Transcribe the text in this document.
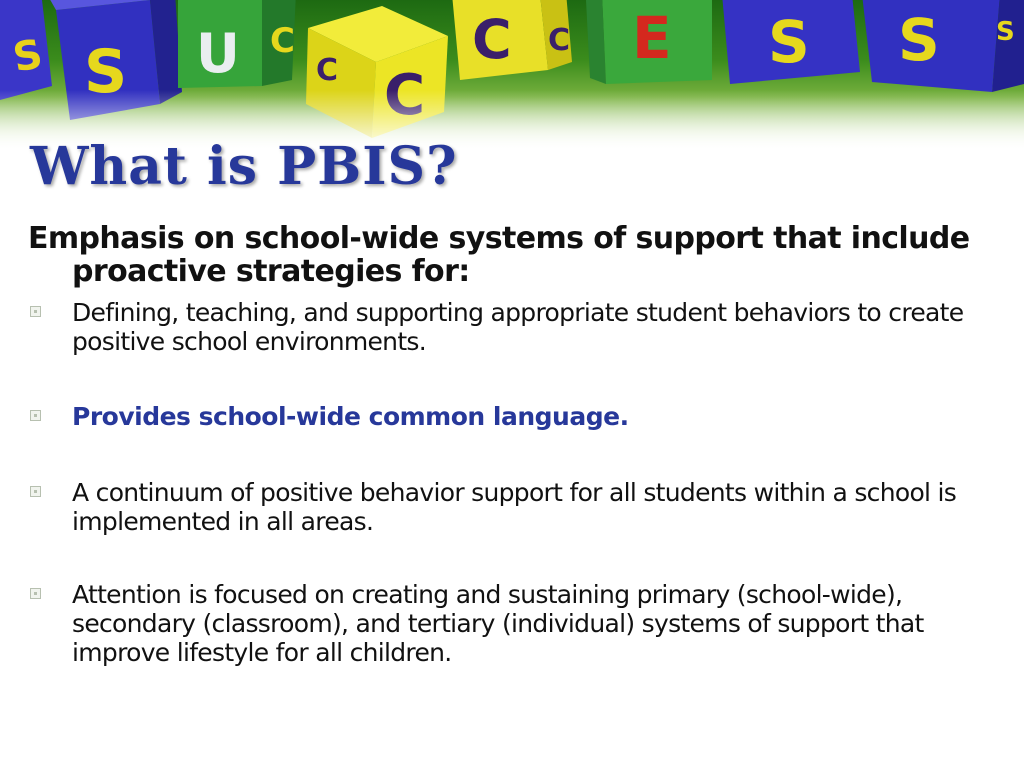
What is PBIS?

Emphasis on school-wide systems of support that include proactive strategies for:

Defining, teaching, and supporting appropriate student behaviors to create positive school environments.
Provides school-wide common language.
A continuum of positive behavior support for all students within a school is implemented in all areas.
Attention is focused on creating and sustaining primary (school-wide), secondary (classroom), and tertiary (individual) systems of support that improve lifestyle for all children.
